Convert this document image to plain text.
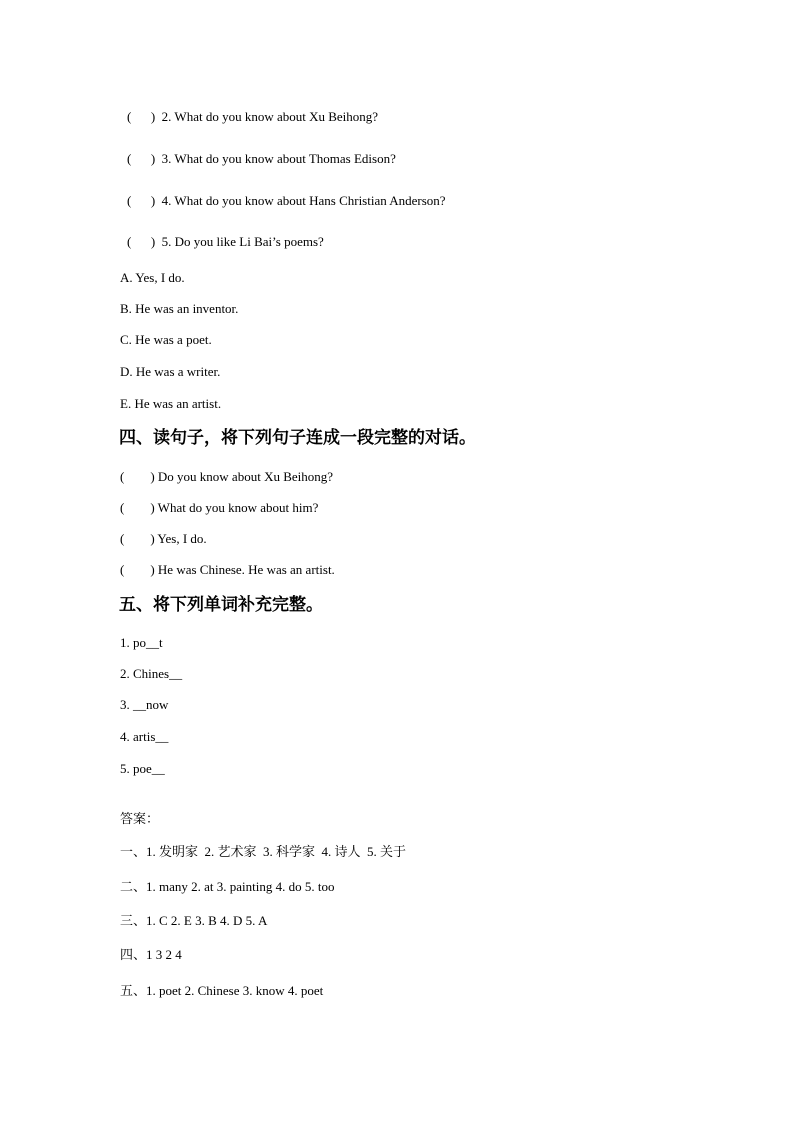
(      )  2. What do you know about Xu Beihong?
(      )  3. What do you know about Thomas Edison?
(      )  4. What do you know about Hans Christian Anderson?
(      )  5. Do you like Li Bai’s poems?
A. Yes, I do.
B. He was an inventor.
C. He was a poet.
D. He was a writer.
E. He was an artist.
四、读句子，将下列句子连成一段完整的对话。
(        ) Do you know about Xu Beihong?
(        ) What do you know about him?
(        ) Yes, I do.
(        ) He was Chinese. He was an artist.
五、将下列单词补充完整。
1. po__t
2. Chines__
3. __now
4. artis__
5. poe__
答案：
一、1. 发明家  2. 艺术家  3. 科学家  4. 诗人  5. 关于
二、1. many 2. at 3. painting 4. do 5. too
三、1. C 2. E 3. B 4. D 5. A
四、1 3 2 4
五、1. poet 2. Chinese 3. know 4. poet
